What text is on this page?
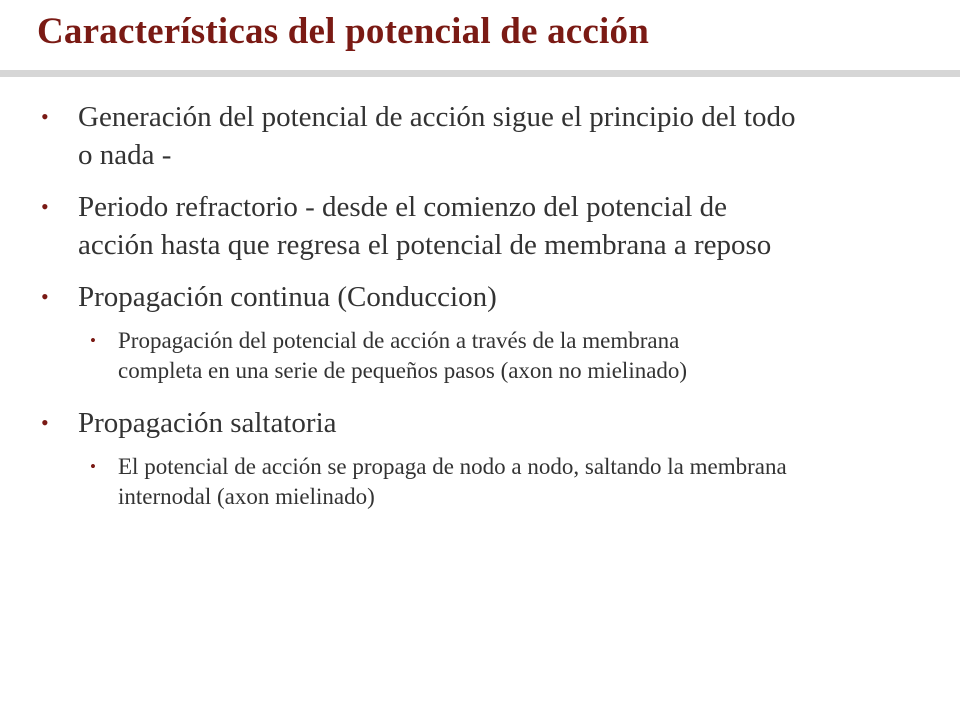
Características del potencial de acción
• Generación del potencial de acción sigue el principio del todo o nada -
• Periodo refractorio - desde el comienzo del potencial de acción hasta que regresa el potencial de membrana a reposo
• Propagación continua (Conduccion)
• Propagación del potencial de acción a través de la membrana completa en una serie de pequeños pasos (axon no mielinado)
• Propagación saltatoria
• El potencial de acción se propaga de nodo a nodo, saltando la membrana internodal (axon mielinado)
